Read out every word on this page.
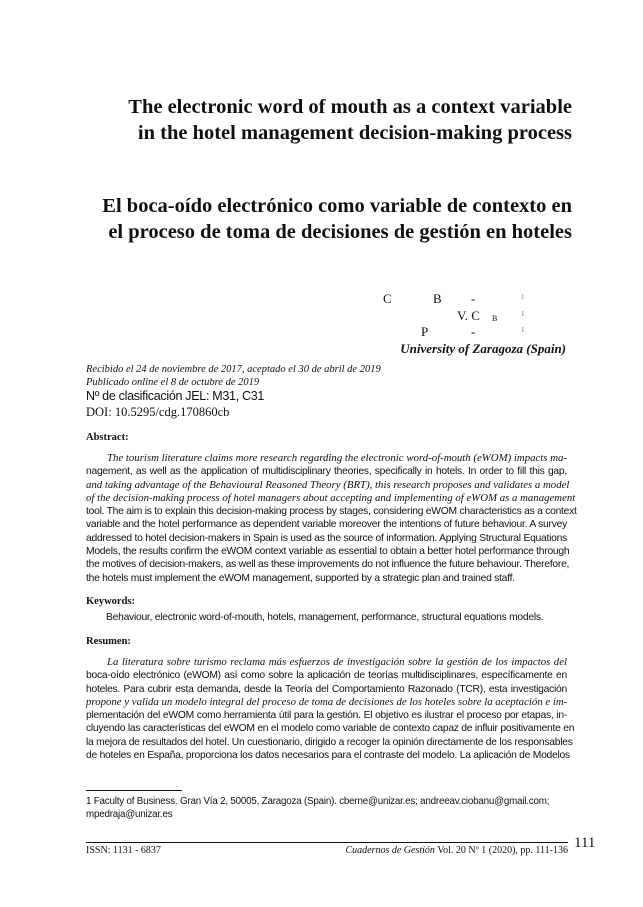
The electronic word of mouth as a context variable
in the hotel management decision-making process
El boca-oído electrónico como variable de contexto en
el proceso de toma de decisiones de gestión en hoteles
C	B -	1
V. C B	1
P	-	1
University of Zaragoza (Spain)
Recibido el 24 de noviembre de 2017, aceptado el 30 de abril de 2019
Publicado online el 8 de octubre de 2019
Nº de clasificación JEL: M31, C31
DOI: 10.5295/cdg.170860cb
Abstract:
The tourism literature claims more research regarding the electronic word-of-mouth (eWOM) impacts ma-
nagement, as well as the application of multidisciplinary theories, specifically in hotels. In order to fill this gap,
and taking advantage of the Behavioural Reasoned Theory (BRT), this research proposes and validates a model
of the decision-making process of hotel managers about accepting and implementing of eWOM as a management
tool. The aim is to explain this decision-making process by stages, considering eWOM characteristics as a context
variable and the hotel performance as dependent variable moreover the intentions of future behaviour. A survey
addressed to hotel decision-makers in Spain is used as the source of information. Applying Structural Equations
Models, the results confirm the eWOM context variable as essential to obtain a better hotel performance through
the motives of decision-makers, as well as these improvements do not influence the future behaviour. Therefore,
the hotels must implement the eWOM management, supported by a strategic plan and trained staff.
Keywords:
Behaviour, electronic word-of-mouth, hotels, management, performance, structural equations models.
Resumen:
La literatura sobre turismo reclama más esfuerzos de investigación sobre la gestión de los impactos del
boca-oído electrónico (eWOM) así como sobre la aplicación de teorías multidisciplinares, específicamente en
hoteles. Para cubrir esta demanda, desde la Teoría del Comportamiento Razonado (TCR), esta investigación
propone y valida un modelo integral del proceso de toma de decisiones de los hoteles sobre la aceptación e im-
plementación del eWOM como herramienta útil para la gestión. El objetivo es ilustrar el proceso por etapas, in-
cluyendo las características del eWOM en el modelo como variable de contexto capaz de influir positivamente en
la mejora de resultados del hotel. Un cuestionario, dirigido a recoger la opinión directamente de los responsables
de hoteles en España, proporciona los datos necesarios para el contraste del modelo. La aplicación de Modelos
1 Faculty of Business. Gran Vía 2, 50005, Zaragoza (Spain). cberne@unizar.es; andreeav.ciobanu@gmail.com;
mpedraja@unizar.es
ISSN: 1131 - 6837	Cuadernos de Gestión Vol. 20 Nº 1 (2020), pp. 111-136 111
